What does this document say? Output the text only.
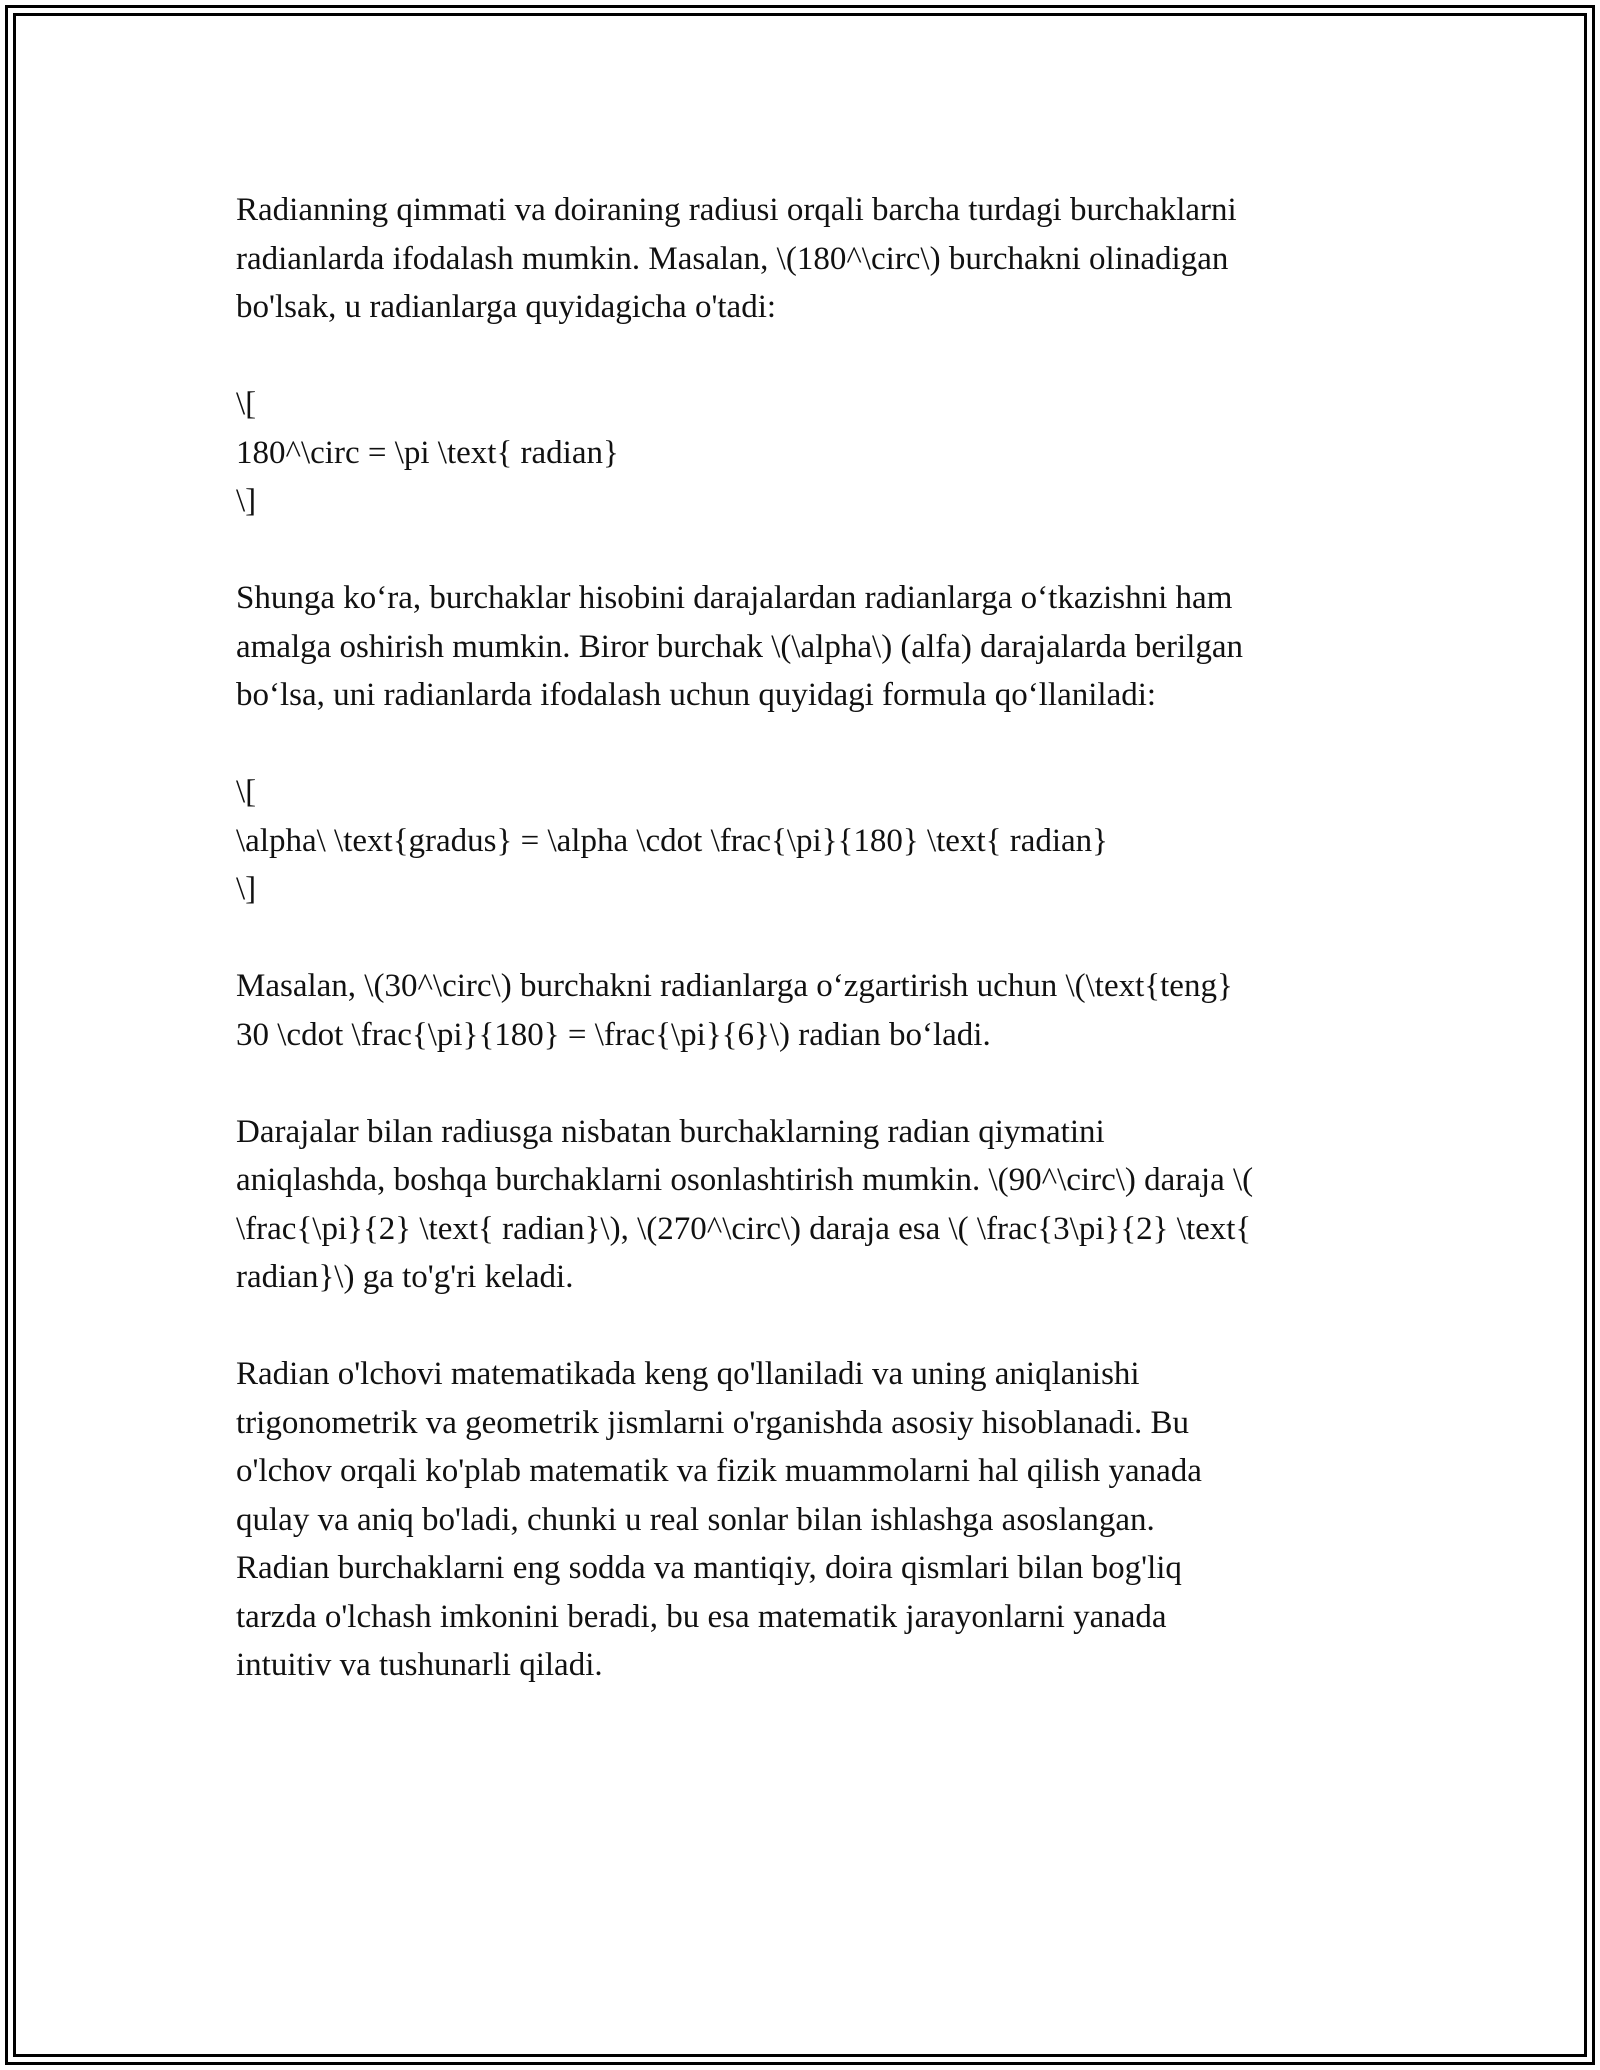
Radianning qimmati va doiraning radiusi orqali barcha turdagi burchaklarni
radianlarda ifodalash mumkin. Masalan, \(180^\circ\) burchakni olinadigan
bo'lsak, u radianlarga quyidagicha o'tadi:

\[
180^\circ = \pi \text{ radian}
\]

Shunga ko‘ra, burchaklar hisobini darajalardan radianlarga o‘tkazishni ham
amalga oshirish mumkin. Biror burchak \(\alpha\) (alfa) darajalarda berilgan
bo‘lsa, uni radianlarda ifodalash uchun quyidagi formula qo‘llaniladi:

\[
\alpha\ \text{gradus} = \alpha \cdot \frac{\pi}{180} \text{ radian}
\]

Masalan, \(30^\circ\) burchakni radianlarga o‘zgartirish uchun \(\text{teng}
30 \cdot \frac{\pi}{180} = \frac{\pi}{6}\) radian bo‘ladi.

Darajalar bilan radiusga nisbatan burchaklarning radian qiymatini
aniqlashda, boshqa burchaklarni osonlashtirish mumkin. \(90^\circ\) daraja \(
\frac{\pi}{2} \text{ radian}\), \(270^\circ\) daraja esa \( \frac{3\pi}{2} \text{
radian}\) ga to'g'ri keladi.

Radian o'lchovi matematikada keng qo'llaniladi va uning aniqlanishi
trigonometrik va geometrik jismlarni o'rganishda asosiy hisoblanadi. Bu
o'lchov orqali ko'plab matematik va fizik muammolarni hal qilish yanada
qulay va aniq bo'ladi, chunki u real sonlar bilan ishlashga asoslangan.
Radian burchaklarni eng sodda va mantiqiy, doira qismlari bilan bog'liq
tarzda o'lchash imkonini beradi, bu esa matematik jarayonlarni yanada
intuitiv va tushunarli qiladi.
